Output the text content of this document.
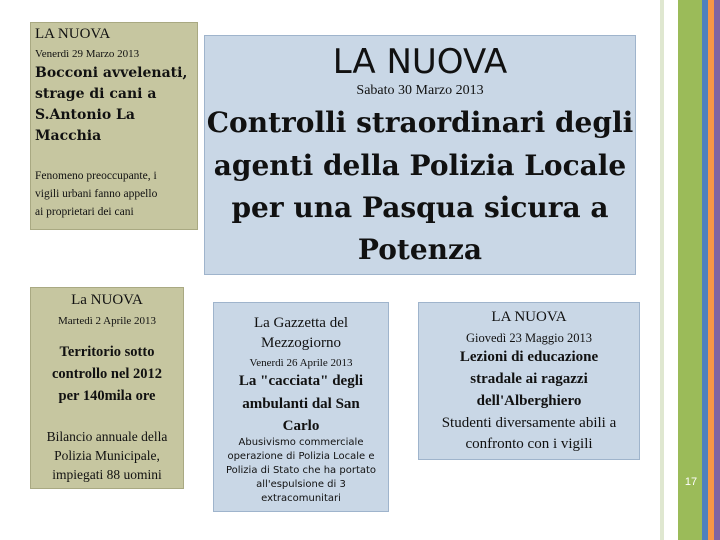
LA NUOVA
Venerdì 29 Marzo 2013
Bocconi avvelenati,
strage di cani a
S.Antonio La
Macchia
Fenomeno preoccupante, i
vigili urbani fanno appello
ai proprietari dei cani
LA NUOVA
Sabato 30 Marzo 2013
Controlli straordinari degli
agenti della Polizia Locale
per una Pasqua sicura a
Potenza
La NUOVA
Martedì 2 Aprile 2013
Territorio sotto
controllo nel 2012
per 140mila ore
Bilancio annuale della
Polizia Municipale,
impiegati 88 uomini
La Gazzetta del
Mezzogiorno
Venerdì 26 Aprile 2013
La "cacciata" degli
ambulanti dal San
Carlo
Abusivismo commerciale
operazione di Polizia Locale e
Polizia di Stato che ha portato
all'espulsione di 3
extracomunitari
LA NUOVA
Giovedì 23 Maggio 2013
Lezioni di educazione
stradale ai ragazzi
dell'Alberghiero
Studenti diversamente abili a
confronto con i vigili
17
